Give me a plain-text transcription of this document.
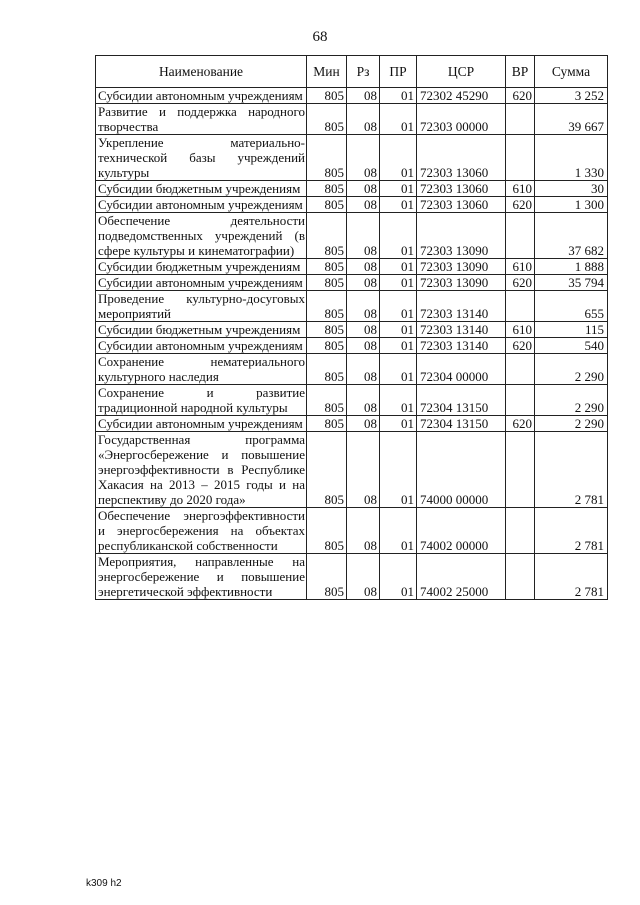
68
Наименование	Мин	Рз	ПР	ЦСР	ВР	Сумма
Субсидии автономным учреждениям	805	08	01	72302 45290	620	3 252
Развитие и поддержка народного творчества	805	08	01	72303 00000		39 667
Укрепление материально-технической базы учреждений культуры	805	08	01	72303 13060		1 330
Субсидии бюджетным учреждениям	805	08	01	72303 13060	610	30
Субсидии автономным учреждениям	805	08	01	72303 13060	620	1 300
Обеспечение деятельности подведомственных учреждений (в сфере культуры и кинематографии)	805	08	01	72303 13090		37 682
Субсидии бюджетным учреждениям	805	08	01	72303 13090	610	1 888
Субсидии автономным учреждениям	805	08	01	72303 13090	620	35 794
Проведение культурно-досуговых мероприятий	805	08	01	72303 13140		655
Субсидии бюджетным учреждениям	805	08	01	72303 13140	610	115
Субсидии автономным учреждениям	805	08	01	72303 13140	620	540
Сохранение нематериального культурного наследия	805	08	01	72304 00000		2 290
Сохранение и развитие традиционной народной культуры	805	08	01	72304 13150		2 290
Субсидии автономным учреждениям	805	08	01	72304 13150	620	2 290
Государственная программа «Энергосбережение и повышение энергоэффективности в Республике Хакасия на 2013 – 2015 годы и на перспективу до 2020 года»	805	08	01	74000 00000		2 781
Обеспечение энергоэффективности и энергосбережения на объектах республиканской собственности	805	08	01	74002 00000		2 781
Мероприятия, направленные на энергосбережение и повышение энергетической эффективности	805	08	01	74002 25000		2 781
k309 h2
